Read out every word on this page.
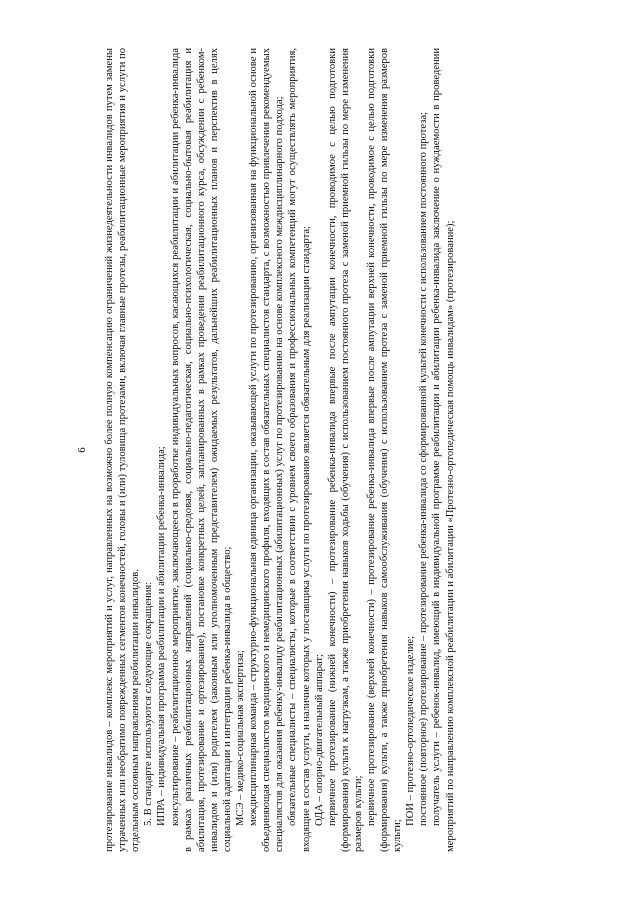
6 протезирование инвалидов – комплекс мероприятий и услуг, направленных на возможно более полную компенсацию ограничений жизнедеятельности инвалидов путем замены утраченных или необратимо поврежденных сегментов конечностей, головы и (или) туловища протезами, включая главные протезы, реабилитационные мероприятия и услуги по отдельным основным направлениям реабилитации инвалидов. 5. В стандарте используются следующие сокращения: ИПРА – индивидуальная программа реабилитации и абилитации ребенка-инвалида; консультирование – реабилитационное мероприятие, заключающееся в проработке индивидуальных вопросов, касающихся реабилитации и абилитации ребенка-инвалида в рамках различных реабилитационных направлений (социально-средовая, социально-педагогическая, социально-психологическая, социально-бытовая реабилитация и абилитация, протезирование и ортезирование), постановке конкретных целей, запланированных в рамках проведения реабилитационного курса, обсуждении с ребенком-инвалидом и (или) родителем (законным или уполномоченным представителем) ожидаемых результатов, дальнейших реабилитационных планов и перспектив в целях социальной адаптации и интеграции ребенка-инвалида в общество; МСЭ – медико-социальная экспертиза; междисциплинарная команда – структурно-функциональная единица организации, оказывающей услуги по протезированию, организованная на функциональной основе и объединяющая специалистов медицинского и немедицинского профиля, входящих в состав обязательных специалистов стандарта, с возможностью привлечения рекомендуемых специалистов для оказания ребенку-инвалиду реабилитационных (абилитационных) услуг по протезированию на основе комплексного междисциплинарного подхода; обязательные специалисты – специалисты, которые в соответствии с уровнем своего образования и профессиональных компетенций могут осуществлять мероприятия, входящие в состав услуги, и наличие которых у поставщика услуги по протезированию является обязательным для реализации стандарта; ОДА – опорно-двигательный аппарат; первичное протезирование (нижней конечности) – протезирование ребенка-инвалида впервые после ампутации конечности, проводимое с целью подготовки (формирования) культи к нагрузкам, а также приобретения навыков ходьбы (обучения) с использованием постоянного протеза с заменой приемной гильзы по мере изменения размеров культи; первичное протезирование (верхней конечности) – протезирование ребенка-инвалида впервые после ампутации верхней конечности, проводимое с целью подготовки (формирования) культи, а также приобретения навыков самообслуживания (обучения) с использованием протеза с заменой приемной гильзы по мере изменения размеров культи;

ПОИ – протезно-ортопедическое изделие; постоянное (повторное) протезирование – протезирование ребенка-инвалида со сформированной культей конечности с использованием постоянного протеза; получатель услуги – ребенок-инвалид, имеющий в индивидуальной программе реабилитации и абилитации ребенка-инвалида заключение о нуждаемости в проведении мероприятий по направлению комплексной реабилитации и абилитации «Протезно-ортопедическая помощь инвалидам» (протезирование);
